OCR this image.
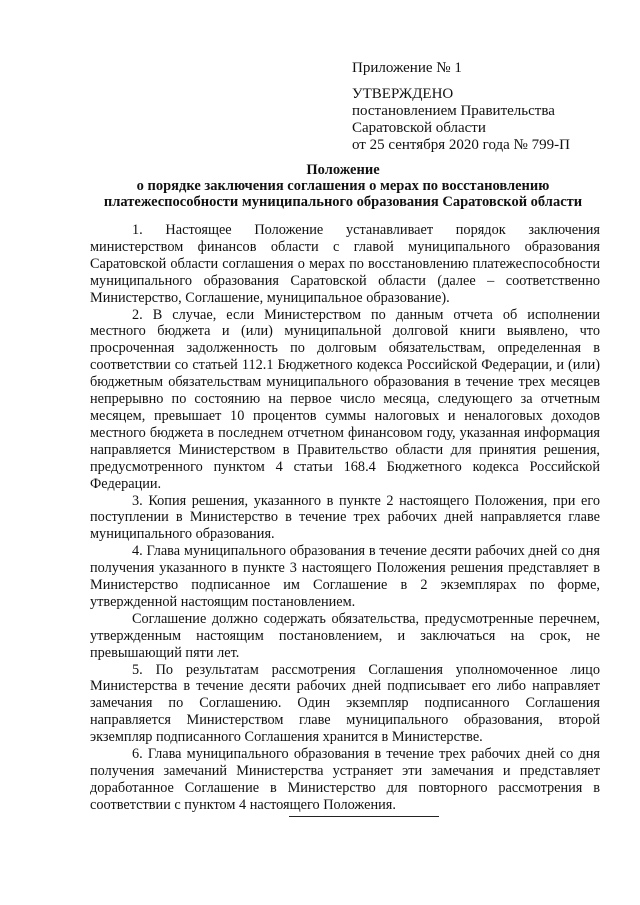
Приложение № 1
УТВЕРЖДЕНО
постановлением Правительства
Саратовской области
от 25 сентября 2020 года № 799-П
Положение
о порядке заключения соглашения о мерах по восстановлению
платежеспособности муниципального образования Саратовской области

1. Настоящее Положение устанавливает порядок заключения министерством финансов области с главой муниципального образования Саратовской области соглашения о мерах по восстановлению платежеспособности муниципального образования Саратовской области (далее – соответственно Министерство, Соглашение, муниципальное образование).

2. В случае, если Министерством по данным отчета об исполнении местного бюджета и (или) муниципальной долговой книги выявлено, что просроченная задолженность по долговым обязательствам, определенная в соответствии со статьей 112.1 Бюджетного кодекса Российской Федерации, и (или) бюджетным обязательствам муниципального образования в течение трех месяцев непрерывно по состоянию на первое число месяца, следующего за отчетным месяцем, превышает 10 процентов суммы налоговых и неналоговых доходов местного бюджета в последнем отчетном финансовом году, указанная информация направляется Министерством в Правительство области для принятия решения, предусмотренного пунктом 4 статьи 168.4 Бюджетного кодекса Российской Федерации.

3. Копия решения, указанного в пункте 2 настоящего Положения, при его поступлении в Министерство в течение трех рабочих дней направляется главе муниципального образования.

4. Глава муниципального образования в течение десяти рабочих дней со дня получения указанного в пункте 3 настоящего Положения решения представляет в Министерство подписанное им Соглашение в 2 экземплярах по форме, утвержденной настоящим постановлением.

Соглашение должно содержать обязательства, предусмотренные перечнем, утвержденным настоящим постановлением, и заключаться на срок, не превышающий пяти лет.

5. По результатам рассмотрения Соглашения уполномоченное лицо Министерства в течение десяти рабочих дней подписывает его либо направляет замечания по Соглашению. Один экземпляр подписанного Соглашения направляется Министерством главе муниципального образования, второй экземпляр подписанного Соглашения хранится в Министерстве.

6. Глава муниципального образования в течение трех рабочих дней со дня получения замечаний Министерства устраняет эти замечания и представляет доработанное Соглашение в Министерство для повторного рассмотрения в соответствии с пунктом 4 настоящего Положения.
